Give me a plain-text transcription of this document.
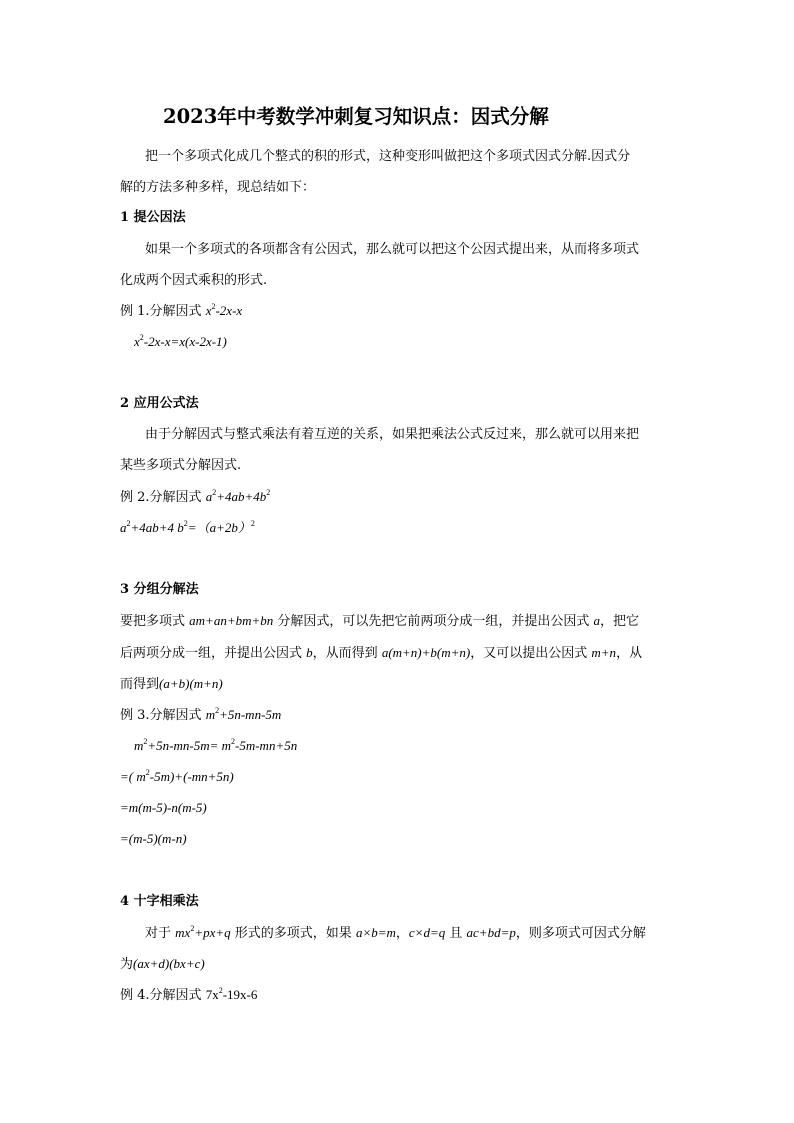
2023年中考数学冲刺复习知识点：因式分解
把一个多项式化成几个整式的积的形式，这种变形叫做把这个多项式因式分解.因式分
解的方法多种多样，现总结如下：
1 提公因法
如果一个多项式的各项都含有公因式，那么就可以把这个公因式提出来，从而将多项式
化成两个因式乘积的形式.
例 1.分解因式 $x^2-2x-x$
$x^2-2x-x=x(x-2x-1)$
2 应用公式法
由于分解因式与整式乘法有着互逆的关系，如果把乘法公式反过来，那么就可以用来把
某些多项式分解因式.
例 2.分解因式 $a^2+4ab+4b^2$
$a^2+4ab+4$ $b^2=(a+2b)^2$
3 分组分解法
要把多项式 am+an+bm+bn 分解因式，可以先把它前两项分成一组，并提出公因式 a，把它
后两项分成一组，并提出公因式 b，从而得到 a(m+n)+b(m+n)，又可以提出公因式 m+n，从
而得到(a+b)(m+n)
例 3.分解因式 $m^2+5n-mn-5m$
$m^2+5n-mn-5m= m^2-5m-mn+5n$
=( $m^2-5m)+(-mn+5n)$
=m(m-5)-n(m-5)
=(m-5)(m-n)
4 十字相乘法
对于 $mx^2+px+q$ 形式的多项式，如果 a×b=m，c×d=q 且 ac+bd=p，则多项式可因式分解
为(ax+d)(bx+c)
例 4.分解因式 $7x^2-19x-6$
